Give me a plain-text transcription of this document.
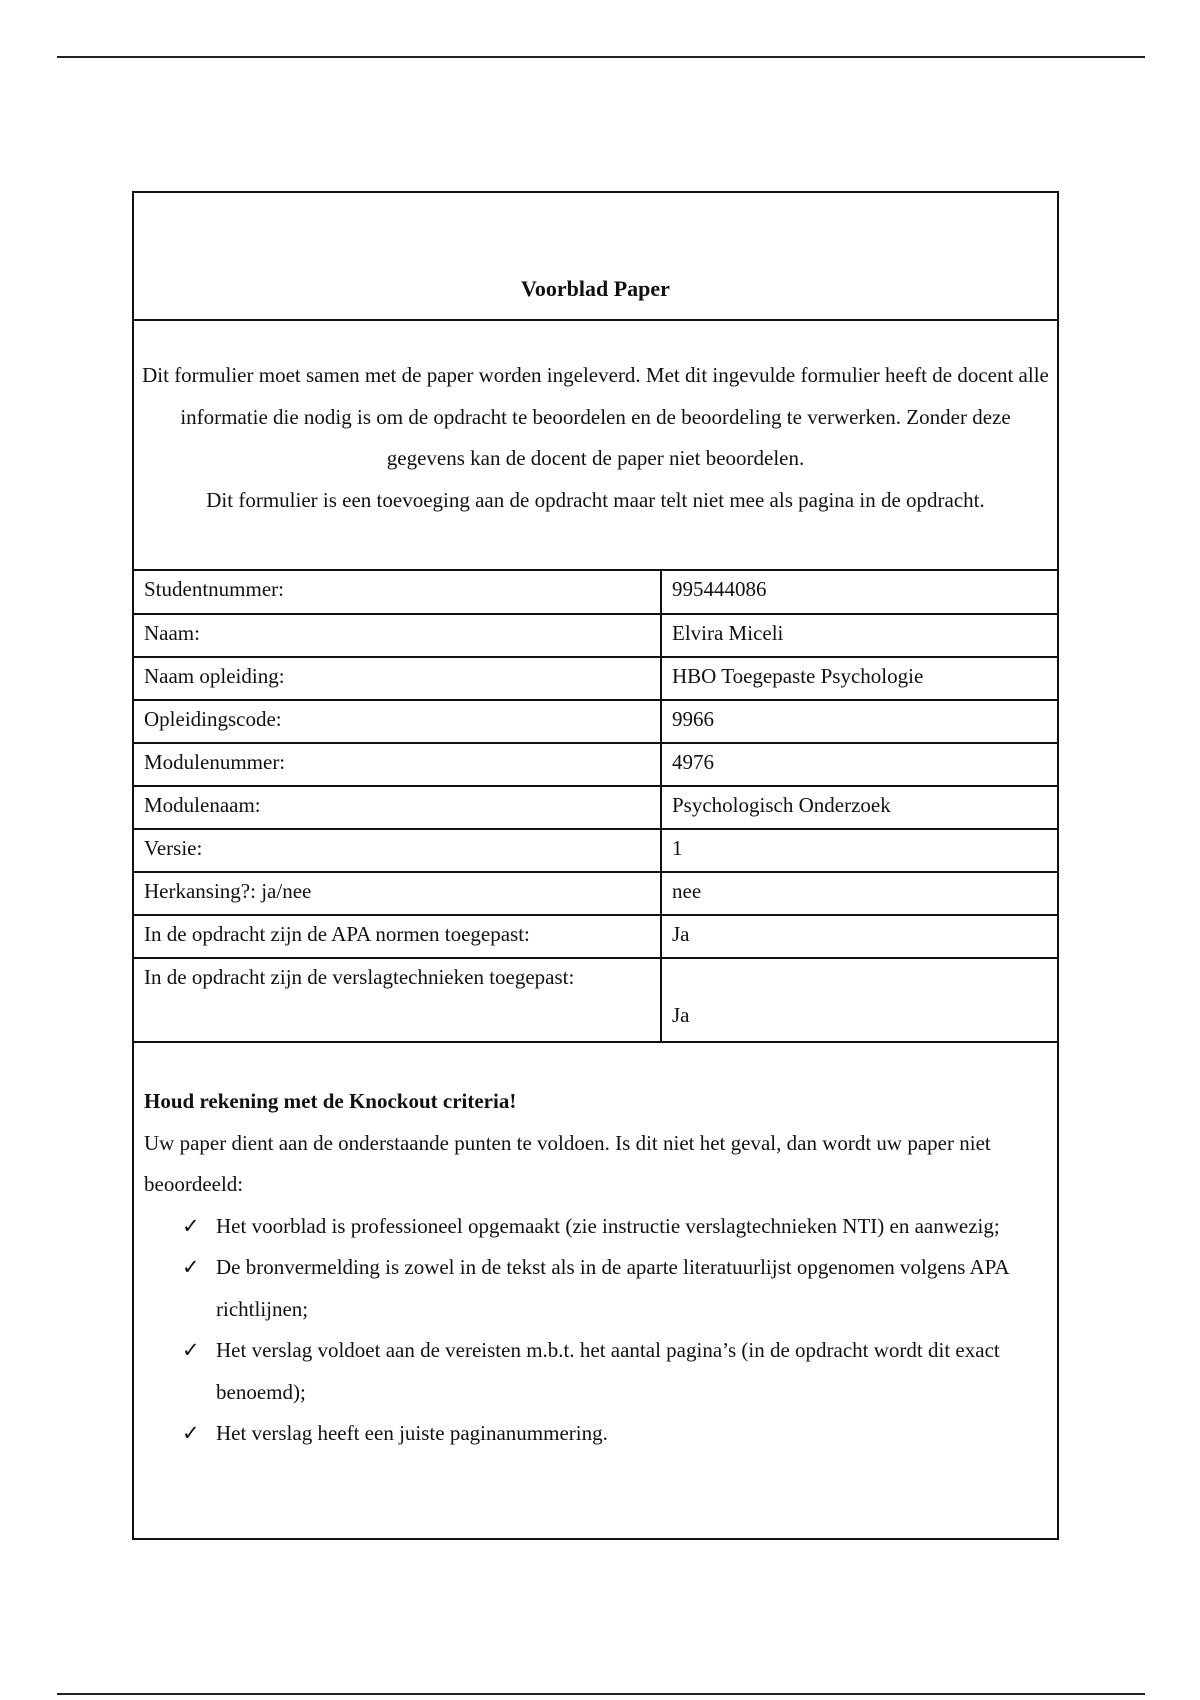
Voorblad Paper

Dit formulier moet samen met de paper worden ingeleverd. Met dit ingevulde formulier heeft de docent alle informatie die nodig is om de opdracht te beoordelen en de beoordeling te verwerken. Zonder deze gegevens kan de docent de paper niet beoordelen.

Dit formulier is een toevoeging aan de opdracht maar telt niet mee als pagina in de opdracht.

Studentnummer:	995444086
Naam:	Elvira Miceli
Naam opleiding:	HBO Toegepaste Psychologie
Opleidingscode:	9966
Modulenummer:	4976
Modulenaam:	Psychologisch Onderzoek
Versie:	1
Herkansing?: ja/nee	nee
In de opdracht zijn de APA normen toegepast:	Ja
In de opdracht zijn de verslagtechnieken toegepast:	Ja

Houd rekening met de Knockout criteria!

Uw paper dient aan de onderstaande punten te voldoen. Is dit niet het geval, dan wordt uw paper niet beoordeeld:

✓ Het voorblad is professioneel opgemaakt (zie instructie verslagtechnieken NTI) en aanwezig;
✓ De bronvermelding is zowel in de tekst als in de aparte literatuurlijst opgenomen volgens APA richtlijnen;
✓ Het verslag voldoet aan de vereisten m.b.t. het aantal pagina’s (in de opdracht wordt dit exact benoemd);
✓ Het verslag heeft een juiste paginanummering.
